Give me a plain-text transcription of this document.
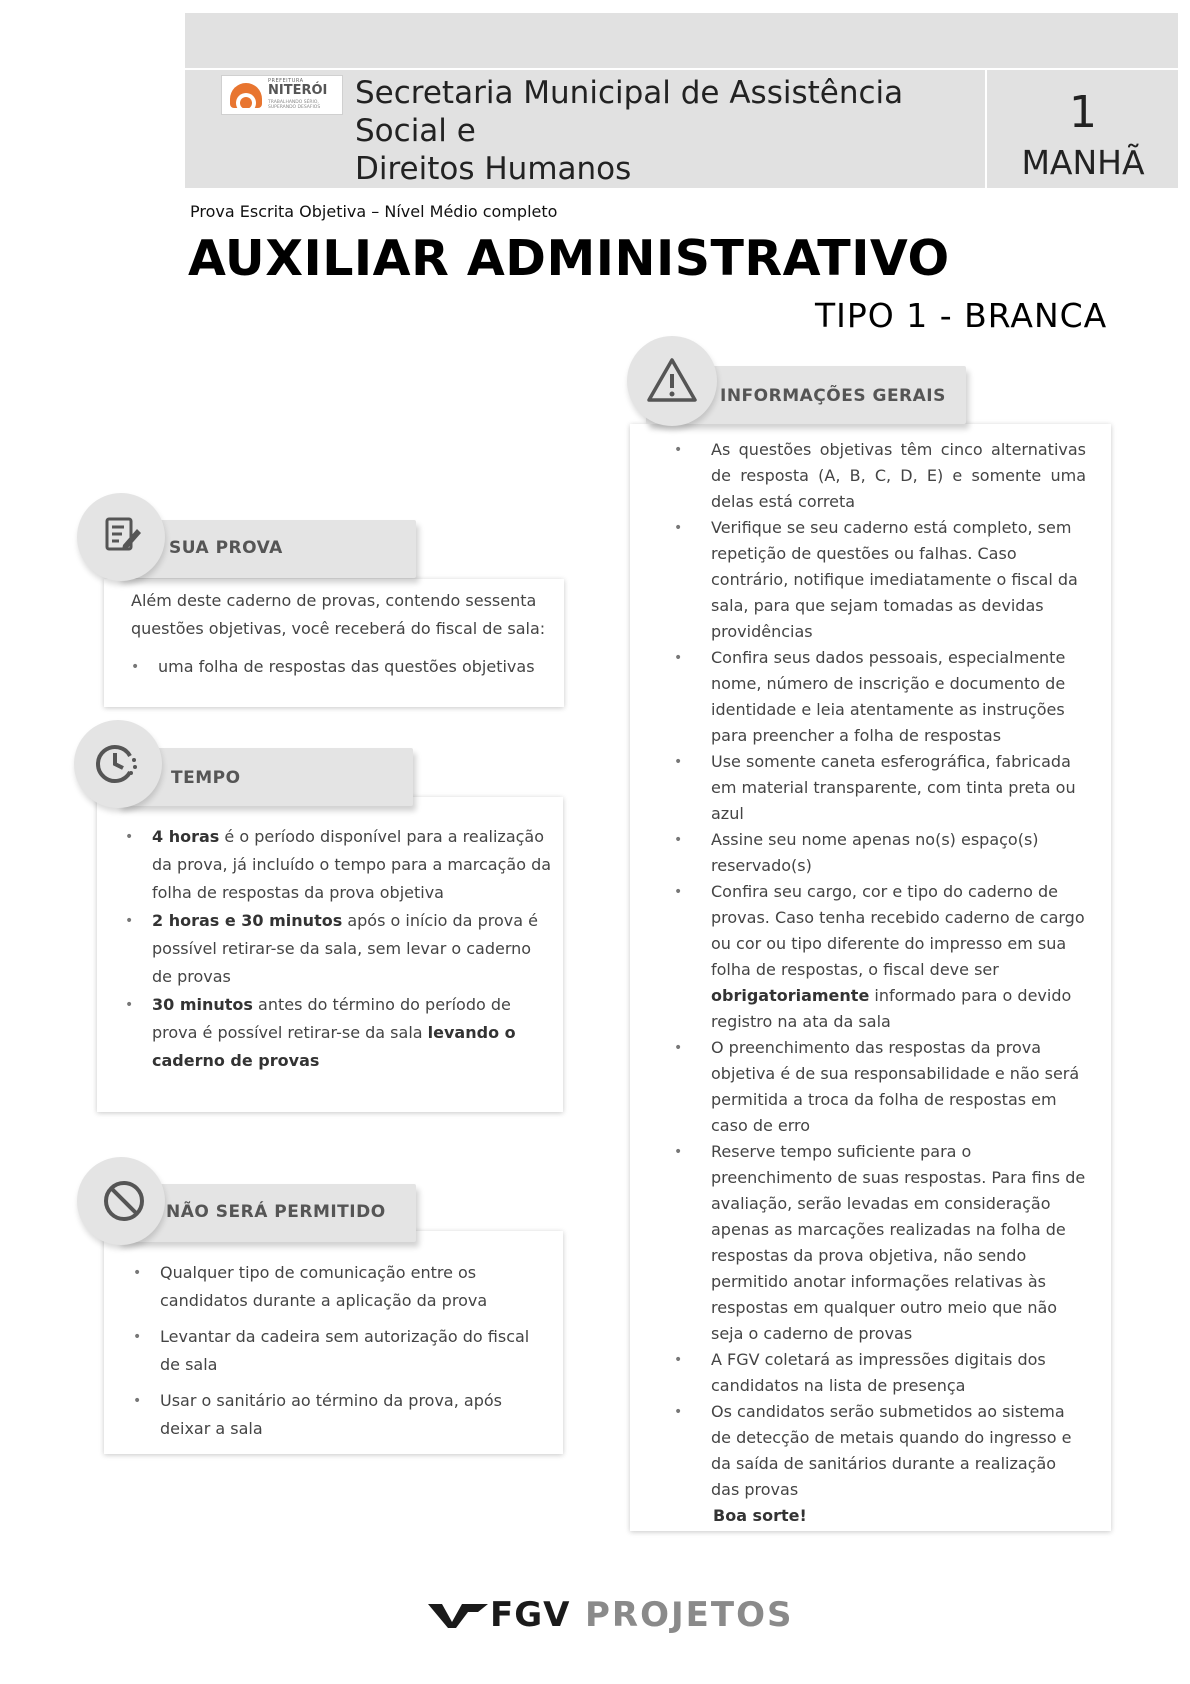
PREFEITURA
NITERÓI
TRABALHANDO SÉRIO, SUPERANDO DESAFIOS	Secretaria Municipal de Assistência Social e
Direitos Humanos
1
MANHÃ
Prova Escrita Objetiva – Nível Médio completo
AUXILIAR ADMINISTRATIVO
TIPO 1 - BRANCA
SUA PROVA
Além deste caderno de provas, contendo sessenta questões objetivas, você receberá do fiscal de sala:
• uma folha de respostas das questões objetivas
TEMPO
• 4 horas é o período disponível para a realização da prova, já incluído o tempo para a marcação da folha de respostas da prova objetiva
• 2 horas e 30 minutos após o início da prova é possível retirar-se da sala, sem levar o caderno de provas
• 30 minutos antes do término do período de prova é possível retirar-se da sala levando o caderno de provas
NÃO SERÁ PERMITIDO
• Qualquer tipo de comunicação entre os candidatos durante a aplicação da prova
• Levantar da cadeira sem autorização do fiscal de sala
• Usar o sanitário ao término da prova, após deixar a sala
INFORMAÇÕES GERAIS
• As questões objetivas têm cinco alternativas de resposta (A, B, C, D, E) e somente uma delas está correta
• Verifique se seu caderno está completo, sem repetição de questões ou falhas. Caso contrário, notifique imediatamente o fiscal da sala, para que sejam tomadas as devidas providências
• Confira seus dados pessoais, especialmente nome, número de inscrição e documento de identidade e leia atentamente as instruções para preencher a folha de respostas
• Use somente caneta esferográfica, fabricada em material transparente, com tinta preta ou azul
• Assine seu nome apenas no(s) espaço(s) reservado(s)
• Confira seu cargo, cor e tipo do caderno de provas. Caso tenha recebido caderno de cargo ou cor ou tipo diferente do impresso em sua folha de respostas, o fiscal deve ser obrigatoriamente informado para o devido registro na ata da sala
• O preenchimento das respostas da prova objetiva é de sua responsabilidade e não será permitida a troca da folha de respostas em caso de erro
• Reserve tempo suficiente para o preenchimento de suas respostas. Para fins de avaliação, serão levadas em consideração apenas as marcações realizadas na folha de respostas da prova objetiva, não sendo permitido anotar informações relativas às respostas em qualquer outro meio que não seja o caderno de provas
• A FGV coletará as impressões digitais dos candidatos na lista de presença
• Os candidatos serão submetidos ao sistema de detecção de metais quando do ingresso e da saída de sanitários durante a realização das provas
Boa sorte!
FGV PROJETOS
